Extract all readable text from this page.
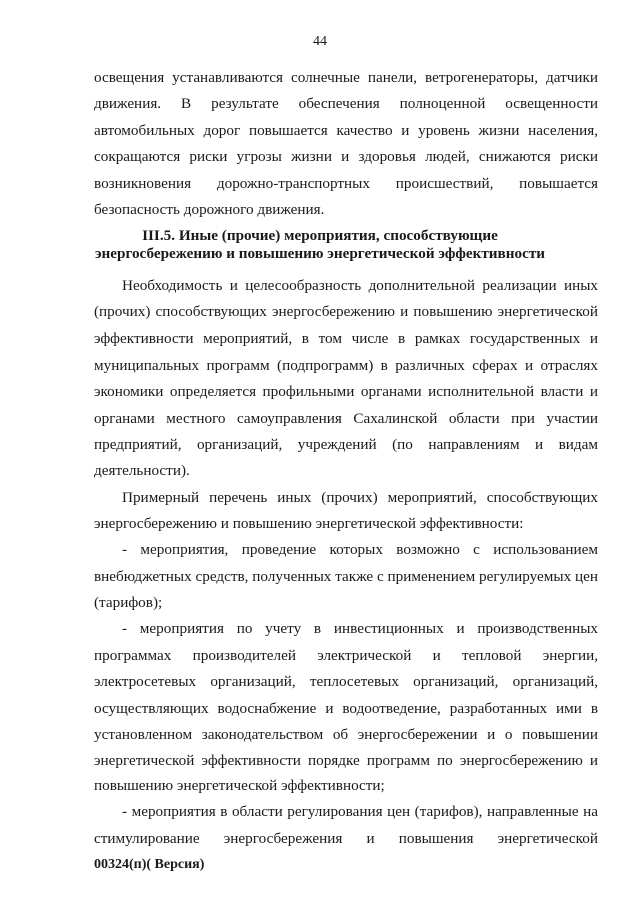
44
освещения устанавливаются солнечные панели, ветрогенераторы, датчики
движения. В результате обеспечения полноценной освещенности
автомобильных дорог повышается качество и уровень жизни населения,
сокращаются риски угрозы жизни и здоровья людей, снижаются риски
возникновения дорожно-транспортных происшествий, повышается
безопасность дорожного движения.
III.5. Иные (прочие) мероприятия, способствующие
энергосбережению и повышению энергетической эффективности
Необходимость и целесообразность дополнительной реализации иных
(прочих) способствующих энергосбережению и повышению энергетической
эффективности мероприятий, в том числе в рамках государственных и
муниципальных программ (подпрограмм) в различных сферах и отраслях
экономики определяется профильными органами исполнительной власти и
органами местного самоуправления Сахалинской области при участии
предприятий, организаций, учреждений (по направлениям и видам
деятельности).
Примерный перечень иных (прочих) мероприятий, способствующих
энергосбережению и повышению энергетической эффективности:
- мероприятия, проведение которых возможно с использованием
внебюджетных средств, полученных также с применением регулируемых цен
(тарифов);
- мероприятия по учету в инвестиционных и производственных
программах производителей электрической и тепловой энергии,
электросетевых организаций, теплосетевых организаций, организаций,
осуществляющих водоснабжение и водоотведение, разработанных ими в
установленном законодательством об энергосбережении и о повышении
энергетической эффективности порядке программ по энергосбережению и
повышению энергетической эффективности;
- мероприятия в области регулирования цен (тарифов), направленные на
стимулирование энергосбережения и повышения энергетической
00324(п)( Версия)
